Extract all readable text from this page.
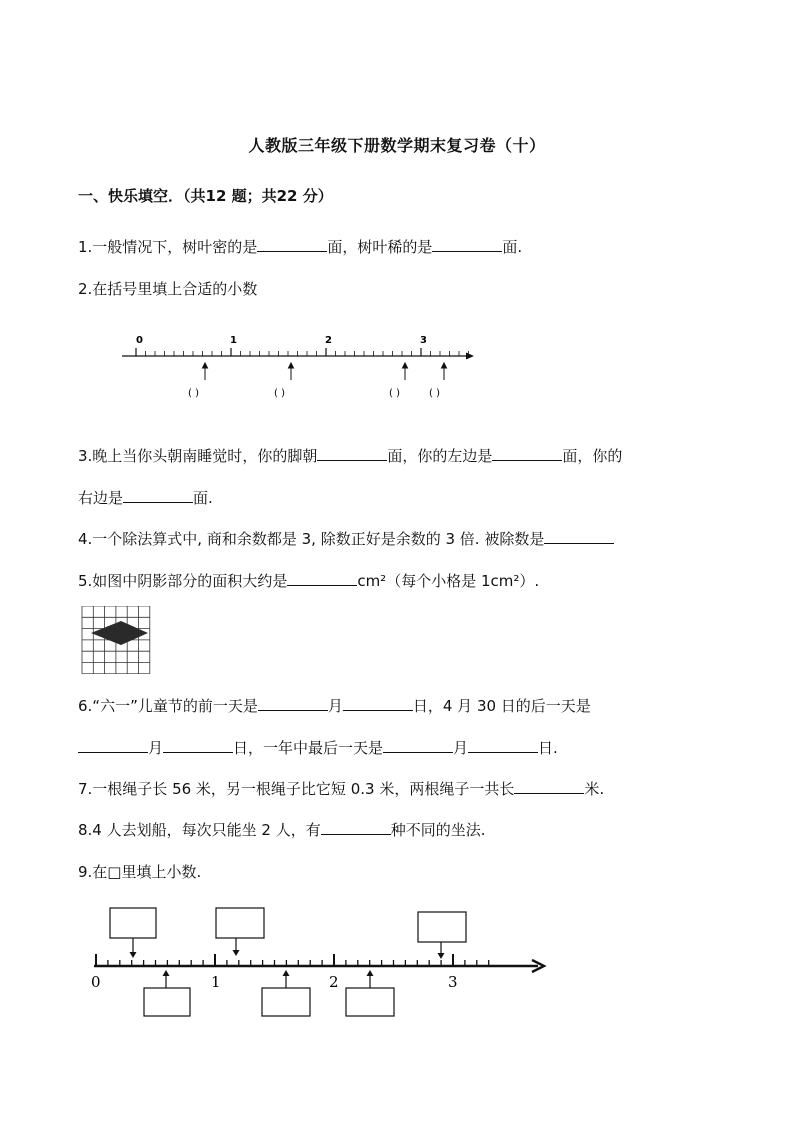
人教版三年级下册数学期末复习卷（十）
一、快乐填空．（共12 题；共22 分）
1.一般情况下，树叶密的是	面，树叶稀的是	面.
2.在括号里填上合适的小数
0	1	2	3
( )	( )	( )	( )
3.晚上当你头朝南睡觉时，你的脚朝	面，你的左边是	面，你的
右边是	面.
4.一个除法算式中, 商和余数都是 3, 除数正好是余数的 3 倍. 被除数是
5.如图中阴影部分的面积大约是	cm²（每个小格是 1cm²）.
6.“六一”儿童节的前一天是	月	日，4 月 30 日的后一天是
月	日，一年中最后一天是	月	日.
7.一根绳子长 56 米，另一根绳子比它短 0.3 米，两根绳子一共长	米.
8.4 人去划船，每次只能坐 2 人，有	种不同的坐法.
9.在□里填上小数.
0	1	2	3
